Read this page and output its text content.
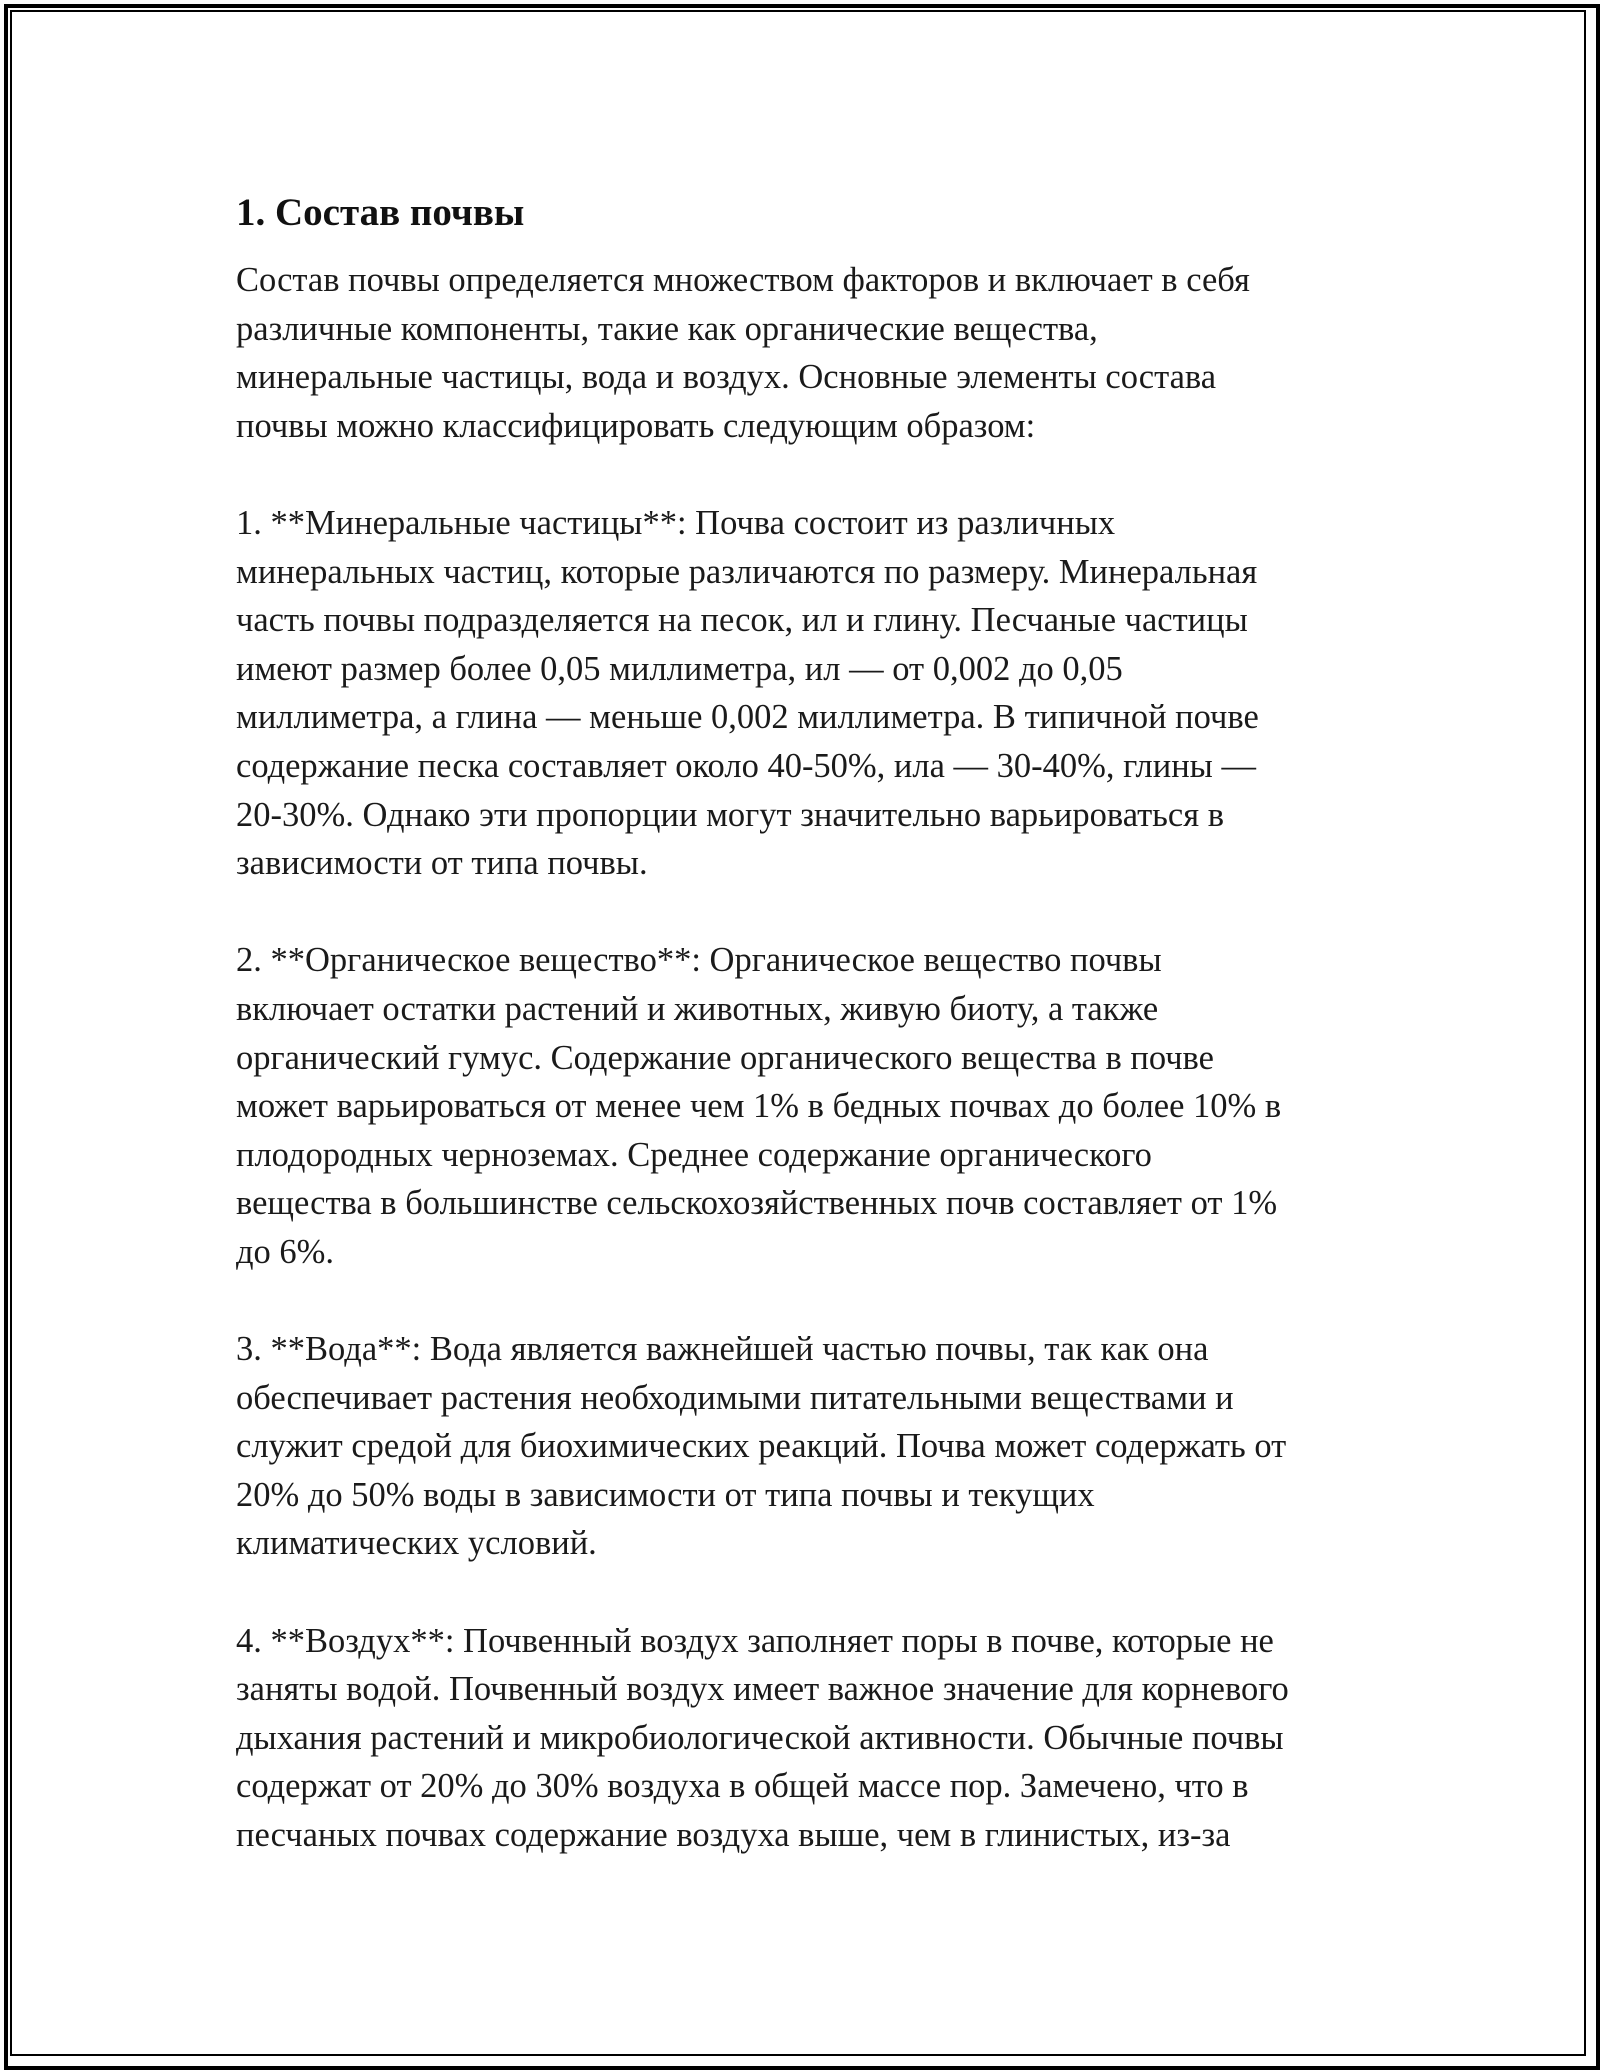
1. Состав почвы

Состав почвы определяется множеством факторов и включает в себя
различные компоненты, такие как органические вещества,
минеральные частицы, вода и воздух. Основные элементы состава
почвы можно классифицировать следующим образом:

1. **Минеральные частицы**: Почва состоит из различных
минеральных частиц, которые различаются по размеру. Минеральная
часть почвы подразделяется на песок, ил и глину. Песчаные частицы
имеют размер более 0,05 миллиметра, ил — от 0,002 до 0,05
миллиметра, а глина — меньше 0,002 миллиметра. В типичной почве
содержание песка составляет около 40-50%, ила — 30-40%, глины —
20-30%. Однако эти пропорции могут значительно варьироваться в
зависимости от типа почвы.

2. **Органическое вещество**: Органическое вещество почвы
включает остатки растений и животных, живую биоту, а также
органический гумус. Содержание органического вещества в почве
может варьироваться от менее чем 1% в бедных почвах до более 10% в
плодородных черноземах. Среднее содержание органического
вещества в большинстве сельскохозяйственных почв составляет от 1%
до 6%.

3. **Вода**: Вода является важнейшей частью почвы, так как она
обеспечивает растения необходимыми питательными веществами и
служит средой для биохимических реакций. Почва может содержать от
20% до 50% воды в зависимости от типа почвы и текущих
климатических условий.

4. **Воздух**: Почвенный воздух заполняет поры в почве, которые не
заняты водой. Почвенный воздух имеет важное значение для корневого
дыхания растений и микробиологической активности. Обычные почвы
содержат от 20% до 30% воздуха в общей массе пор. Замечено, что в
песчаных почвах содержание воздуха выше, чем в глинистых, из-за
